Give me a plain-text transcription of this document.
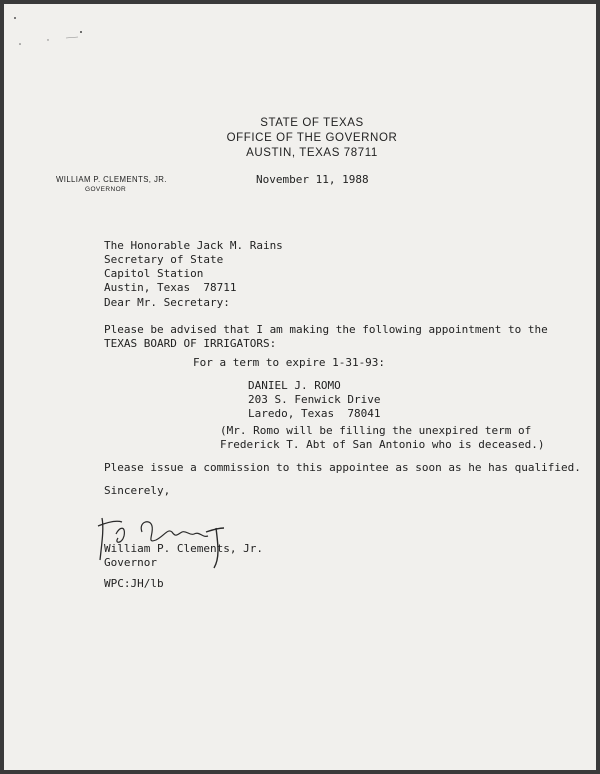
STATE OF TEXAS
OFFICE OF THE GOVERNOR
AUSTIN, TEXAS 78711
WILLIAM P. CLEMENTS, JR.
GOVERNOR
November 11, 1988
The Honorable Jack M. Rains
Secretary of State
Capitol Station
Austin, Texas  78711
Dear Mr. Secretary:
Please be advised that I am making the following appointment to the
TEXAS BOARD OF IRRIGATORS:
For a term to expire 1-31-93:
DANIEL J. ROMO
203 S. Fenwick Drive
Laredo, Texas  78041
(Mr. Romo will be filling the unexpired term of
Frederick T. Abt of San Antonio who is deceased.)
Please issue a commission to this appointee as soon as he has qualified.
Sincerely,
William P. Clements, Jr.
Governor
WPC:JH/lb
